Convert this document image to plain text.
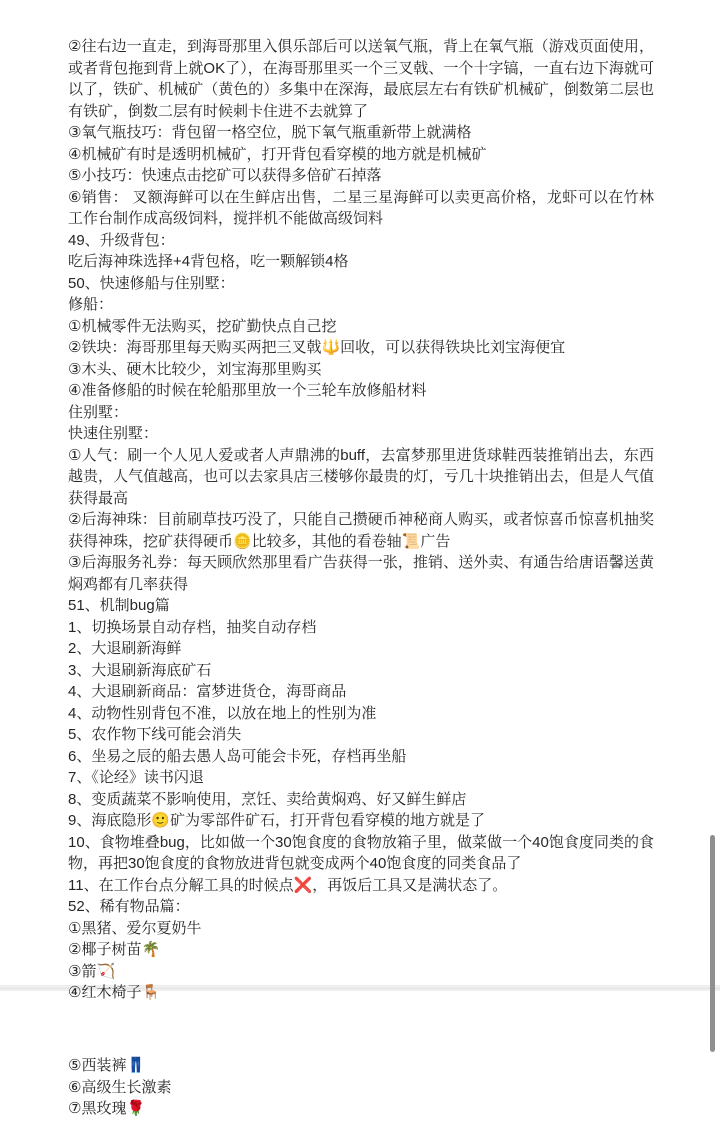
②往右边一直走，到海哥那里入俱乐部后可以送氧气瓶，背上在氧气瓶（游戏页面使用，或者背包拖到背上就OK了），在海哥那里买一个三叉戟、一个十字镐，一直右边下海就可以了，铁矿、机械矿（黄色的）多集中在深海，最底层左右有铁矿机械矿，倒数第二层也有铁矿，倒数二层有时候刺卡住进不去就算了

③氧气瓶技巧：背包留一格空位，脱下氧气瓶重新带上就满格

④机械矿有时是透明机械矿，打开背包看穿模的地方就是机械矿

⑤小技巧：快速点击挖矿可以获得多倍矿石掉落

⑥销售： 叉额海鲜可以在生鲜店出售，二星三星海鲜可以卖更高价格，龙虾可以在竹林工作台制作成高级饲料，搅拌机不能做高级饲料

49、升级背包：

吃后海神珠选择+4背包格，吃一颗解锁4格

50、快速修船与住别墅：

修船：

①机械零件无法购买，挖矿勤快点自己挖

②铁块：海哥那里每天购买两把三叉戟🔱回收，可以获得铁块比刘宝海便宜

③木头、硬木比较少，刘宝海那里购买

④准备修船的时候在轮船那里放一个三轮车放修船材料

住别墅：

快速住别墅：

①人气：刷一个人见人爱或者人声鼎沸的buff，去富梦那里进货球鞋西装推销出去，东西越贵，人气值越高，也可以去家具店三楼够你最贵的灯，亏几十块推销出去，但是人气值获得最高

②后海神珠：目前刷草技巧没了，只能自己攒硬币神秘商人购买，或者惊喜币惊喜机抽奖获得神珠，挖矿获得硬币🪙比较多，其他的看卷轴📜广告

③后海服务礼券：每天顾欣然那里看广告获得一张，推销、送外卖、有通告给唐语馨送黄焖鸡都有几率获得

51、机制bug篇

1、切换场景自动存档，抽奖自动存档

2、大退刷新海鲜

3、大退刷新海底矿石

4、大退刷新商品：富梦进货仓，海哥商品

4、动物性别背包不准，以放在地上的性别为准

5、农作物下线可能会消失

6、坐易之辰的船去愚人岛可能会卡死，存档再坐船

7、《论经》读书闪退

8、变质蔬菜不影响使用，烹饪、卖给黄焖鸡、好又鲜生鲜店

9、海底隐形🙂矿为零部件矿石，打开背包看穿模的地方就是了

10、食物堆叠bug，比如做一个30饱食度的食物放箱子里，做菜做一个40饱食度同类的食物，再把30饱食度的食物放进背包就变成两个40饱食度的同类食品了

11、在工作台点分解工具的时候点❌，再饭后工具又是满状态了。

52、稀有物品篇：

①黑猪、爱尔夏奶牛

②椰子树苗🌴

③箭🏹

④红木椅子🪑

⑤西装裤👖

⑥高级生长激素

⑦黑玫瑰🌹
